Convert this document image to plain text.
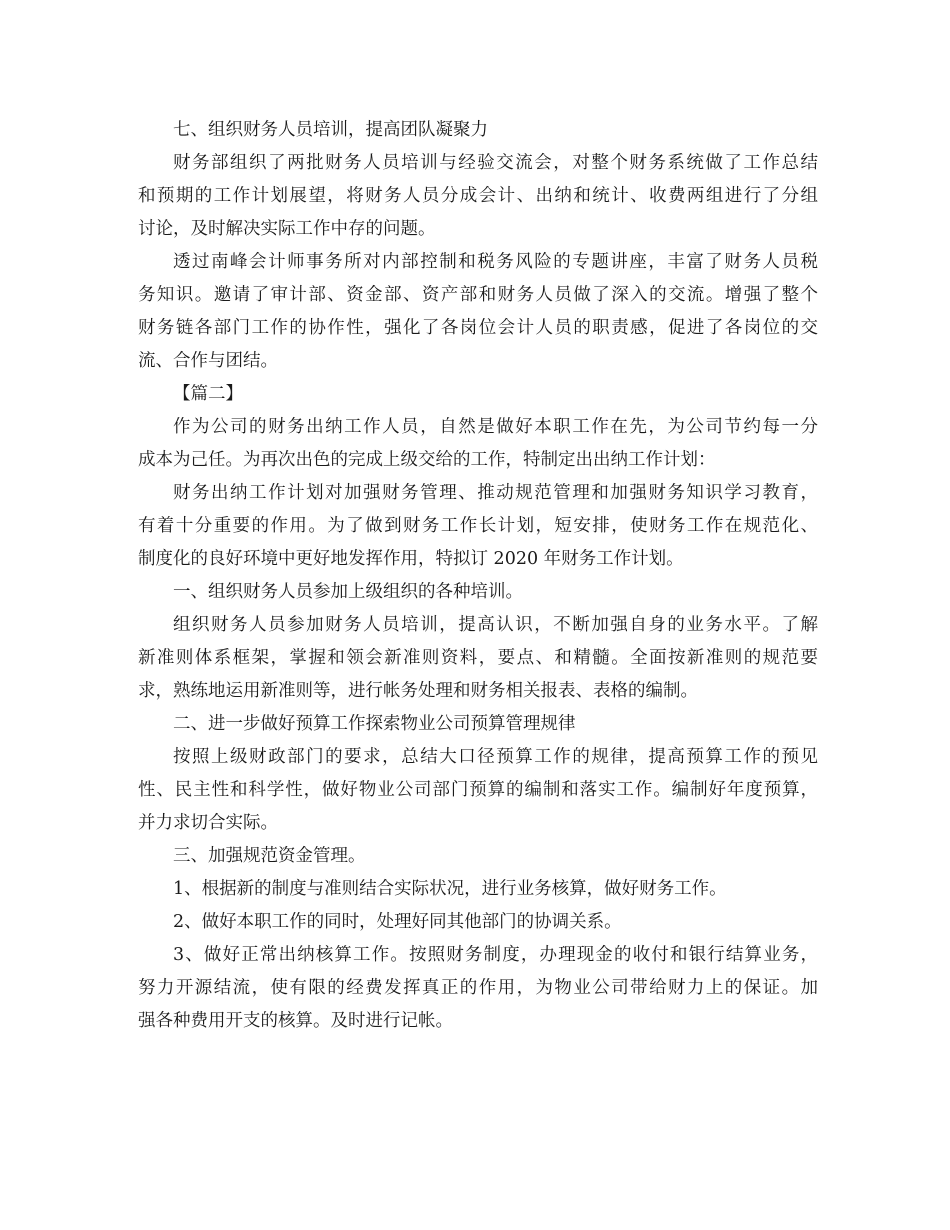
七、组织财务人员培训，提高团队凝聚力
财务部组织了两批财务人员培训与经验交流会，对整个财务系统做了工作总结
和预期的工作计划展望，将财务人员分成会计、出纳和统计、收费两组进行了分组
讨论，及时解决实际工作中存的问题。
透过南峰会计师事务所对内部控制和税务风险的专题讲座，丰富了财务人员税
务知识。邀请了审计部、资金部、资产部和财务人员做了深入的交流。增强了整个
财务链各部门工作的协作性，强化了各岗位会计人员的职责感，促进了各岗位的交
流、合作与团结。
【篇二】
作为公司的财务出纳工作人员，自然是做好本职工作在先，为公司节约每一分
成本为己任。为再次出色的完成上级交给的工作，特制定出出纳工作计划：
财务出纳工作计划对加强财务管理、推动规范管理和加强财务知识学习教育，
有着十分重要的作用。为了做到财务工作长计划，短安排，使财务工作在规范化、
制度化的良好环境中更好地发挥作用，特拟订 2020 年财务工作计划。
一、组织财务人员参加上级组织的各种培训。
组织财务人员参加财务人员培训，提高认识，不断加强自身的业务水平。了解
新准则体系框架，掌握和领会新准则资料，要点、和精髓。全面按新准则的规范要
求，熟练地运用新准则等，进行帐务处理和财务相关报表、表格的编制。
二、进一步做好预算工作探索物业公司预算管理规律
按照上级财政部门的要求，总结大口径预算工作的规律，提高预算工作的预见
性、民主性和科学性，做好物业公司部门预算的编制和落实工作。编制好年度预算，
并力求切合实际。
三、加强规范资金管理。
1、根据新的制度与准则结合实际状况，进行业务核算，做好财务工作。
2、做好本职工作的同时，处理好同其他部门的协调关系。
3、做好正常出纳核算工作。按照财务制度，办理现金的收付和银行结算业务，
努力开源结流，使有限的经费发挥真正的作用，为物业公司带给财力上的保证。加
强各种费用开支的核算。及时进行记帐。
